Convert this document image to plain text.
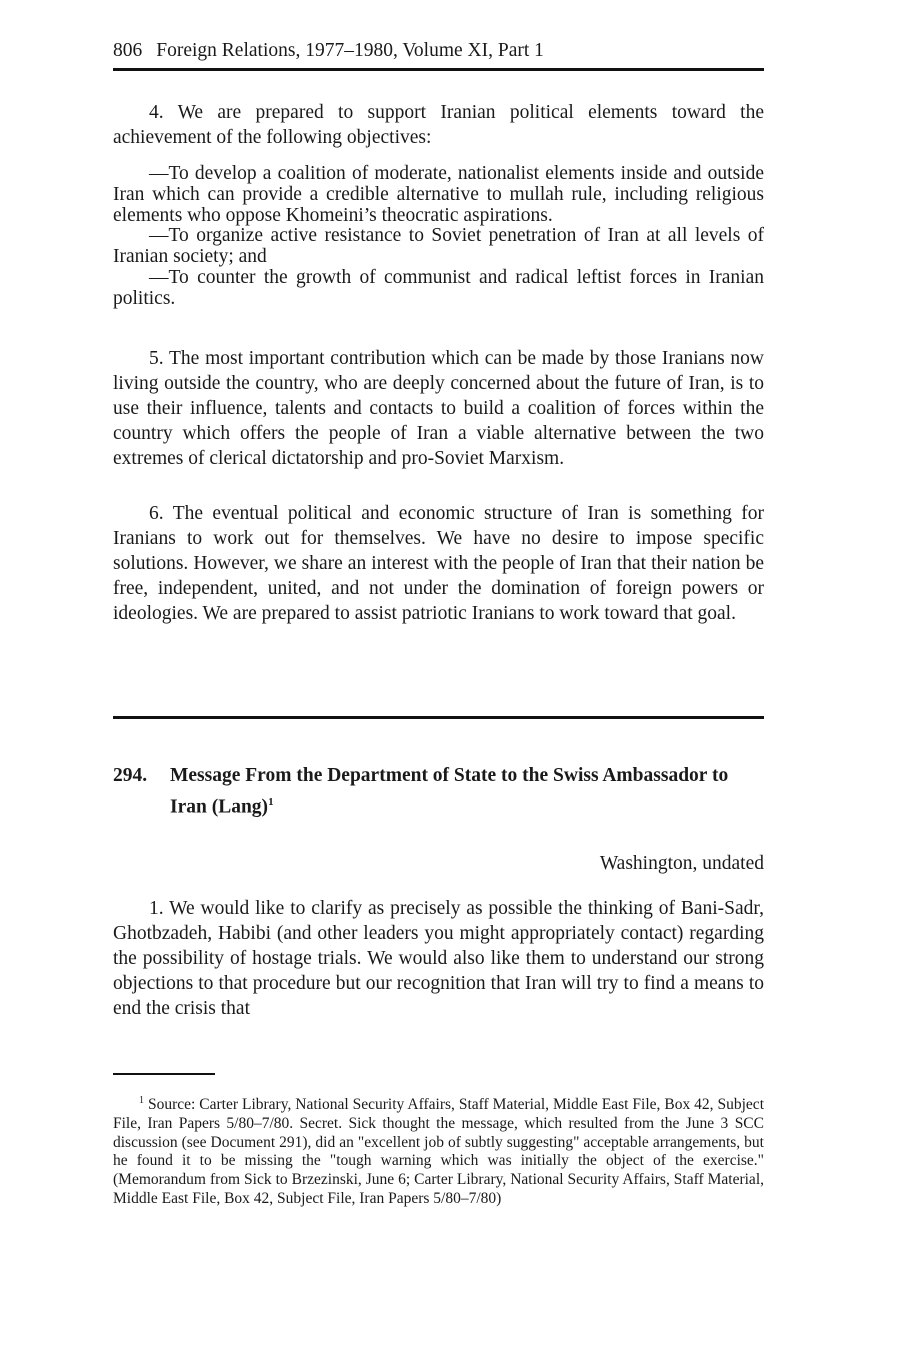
806 Foreign Relations, 1977–1980, Volume XI, Part 1

4. We are prepared to support Iranian political elements toward the achievement of the following objectives:

—To develop a coalition of moderate, nationalist elements inside and outside Iran which can provide a credible alternative to mullah rule, including religious elements who oppose Khomeini’s theocratic aspirations.

—To organize active resistance to Soviet penetration of Iran at all levels of Iranian society; and

—To counter the growth of communist and radical leftist forces in Iranian politics.

5. The most important contribution which can be made by those Iranians now living outside the country, who are deeply concerned about the future of Iran, is to use their influence, talents and contacts to build a coalition of forces within the country which offers the people of Iran a viable alternative between the two extremes of clerical dictatorship and pro-Soviet Marxism.

6. The eventual political and economic structure of Iran is something for Iranians to work out for themselves. We have no desire to impose specific solutions. However, we share an interest with the people of Iran that their nation be free, independent, united, and not under the domination of foreign powers or ideologies. We are prepared to assist patriotic Iranians to work toward that goal.

294. Message From the Department of State to the Swiss Ambassador to Iran (Lang)$^1$
Washington, undated

1. We would like to clarify as precisely as possible the thinking of Bani-Sadr, Ghotbzadeh, Habibi (and other leaders you might appropriately contact) regarding the possibility of hostage trials. We would also like them to understand our strong objections to that procedure but our recognition that Iran will try to find a means to end the crisis that

$^1$ Source: Carter Library, National Security Affairs, Staff Material, Middle East File, Box 42, Subject File, Iran Papers 5/80–7/80. Secret. Sick thought the message, which resulted from the June 3 SCC discussion (see Document 291), did an "excellent job of subtly suggesting" acceptable arrangements, but he found it to be missing the "tough warning which was initially the object of the exercise." (Memorandum from Sick to Brzezinski, June 6; Carter Library, National Security Affairs, Staff Material, Middle East File, Box 42, Subject File, Iran Papers 5/80–7/80)
